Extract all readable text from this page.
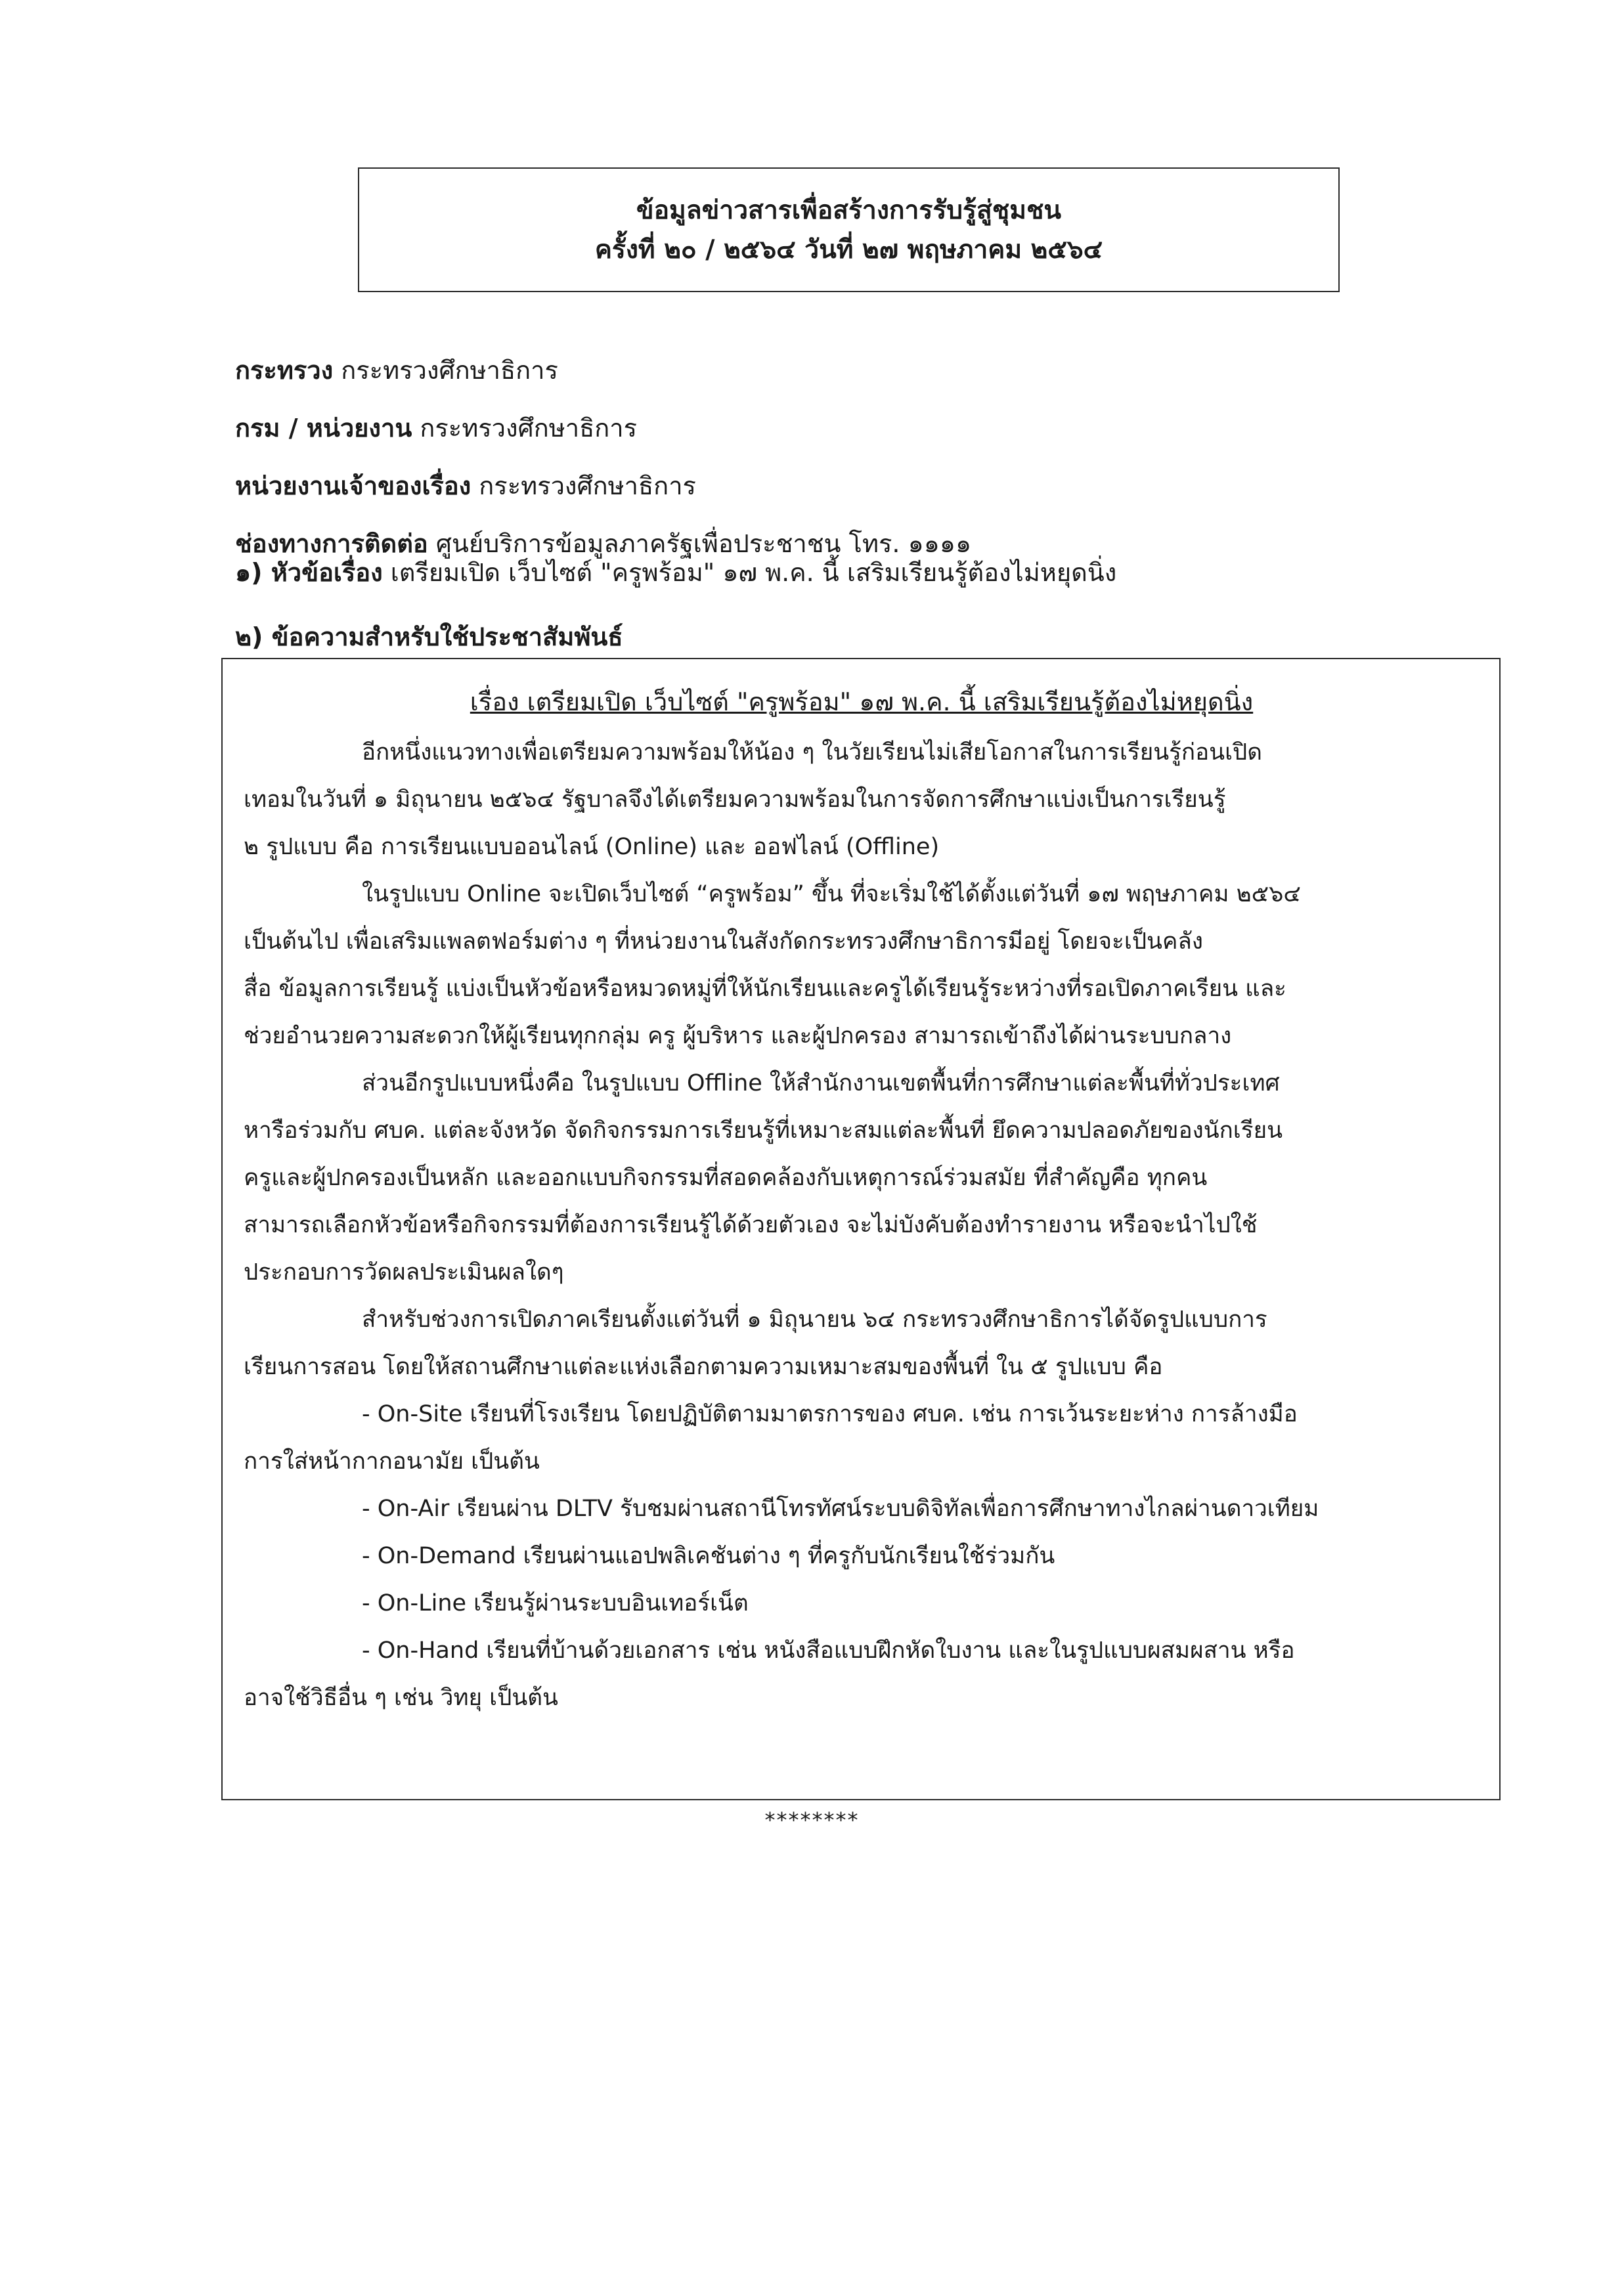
ข้อมูลข่าวสารเพื่อสร้างการรับรู้สู่ชุมชน
ครั้งที่ ๒๐ / ๒๕๖๔ วันที่ ๒๗ พฤษภาคม ๒๕๖๔
กระทรวง กระทรวงศึกษาธิการ
กรม / หน่วยงาน กระทรวงศึกษาธิการ
หน่วยงานเจ้าของเรื่อง กระทรวงศึกษาธิการ
ช่องทางการติดต่อ ศูนย์บริการข้อมูลภาครัฐเพื่อประชาชน โทร. ๑๑๑๑
๑) หัวข้อเรื่อง เตรียมเปิด เว็บไซต์ "ครูพร้อม" ๑๗ พ.ค. นี้ เสริมเรียนรู้ต้องไม่หยุดนิ่ง
๒) ข้อความสำหรับใช้ประชาสัมพันธ์
เรื่อง เตรียมเปิด เว็บไซต์ "ครูพร้อม" ๑๗ พ.ค. นี้ เสริมเรียนรู้ต้องไม่หยุดนิ่ง
อีกหนึ่งแนวทางเพื่อเตรียมความพร้อมให้น้อง ๆ ในวัยเรียนไม่เสียโอกาสในการเรียนรู้ก่อนเปิด
เทอมในวันที่ ๑ มิถุนายน ๒๕๖๔ รัฐบาลจึงได้เตรียมความพร้อมในการจัดการศึกษาแบ่งเป็นการเรียนรู้
๒ รูปแบบ คือ การเรียนแบบออนไลน์ (Online) และ ออฟไลน์ (Offline)
ในรูปแบบ Online จะเปิดเว็บไซต์ “ครูพร้อม” ขึ้น ที่จะเริ่มใช้ได้ตั้งแต่วันที่ ๑๗ พฤษภาคม ๒๕๖๔
เป็นต้นไป เพื่อเสริมแพลตฟอร์มต่าง ๆ ที่หน่วยงานในสังกัดกระทรวงศึกษาธิการมีอยู่ โดยจะเป็นคลัง
สื่อ ข้อมูลการเรียนรู้ แบ่งเป็นหัวข้อหรือหมวดหมู่ที่ให้นักเรียนและครูได้เรียนรู้ระหว่างที่รอเปิดภาคเรียน และ
ช่วยอำนวยความสะดวกให้ผู้เรียนทุกกลุ่ม ครู ผู้บริหาร และผู้ปกครอง สามารถเข้าถึงได้ผ่านระบบกลาง
ส่วนอีกรูปแบบหนึ่งคือ ในรูปแบบ Offline ให้สำนักงานเขตพื้นที่การศึกษาแต่ละพื้นที่ทั่วประเทศ
หารือร่วมกับ ศบค. แต่ละจังหวัด จัดกิจกรรมการเรียนรู้ที่เหมาะสมแต่ละพื้นที่ ยึดความปลอดภัยของนักเรียน
ครูและผู้ปกครองเป็นหลัก และออกแบบกิจกรรมที่สอดคล้องกับเหตุการณ์ร่วมสมัย ที่สำคัญคือ ทุกคน
สามารถเลือกหัวข้อหรือกิจกรรมที่ต้องการเรียนรู้ได้ด้วยตัวเอง จะไม่บังคับต้องทำรายงาน หรือจะนำไปใช้
ประกอบการวัดผลประเมินผลใดๆ
สำหรับช่วงการเปิดภาคเรียนตั้งแต่วันที่ ๑ มิถุนายน ๖๔ กระทรวงศึกษาธิการได้จัดรูปแบบการ
เรียนการสอน โดยให้สถานศึกษาแต่ละแห่งเลือกตามความเหมาะสมของพื้นที่ ใน ๕ รูปแบบ คือ
- On-Site เรียนที่โรงเรียน โดยปฏิบัติตามมาตรการของ ศบค. เช่น การเว้นระยะห่าง การล้างมือ
การใส่หน้ากากอนามัย เป็นต้น
- On-Air เรียนผ่าน DLTV รับชมผ่านสถานีโทรทัศน์ระบบดิจิทัลเพื่อการศึกษาทางไกลผ่านดาวเทียม
- On-Demand เรียนผ่านแอปพลิเคชันต่าง ๆ ที่ครูกับนักเรียนใช้ร่วมกัน
- On-Line เรียนรู้ผ่านระบบอินเทอร์เน็ต
- On-Hand เรียนที่บ้านด้วยเอกสาร เช่น หนังสือแบบฝึกหัดใบงาน และในรูปแบบผสมผสาน หรือ
อาจใช้วิธีอื่น ๆ เช่น วิทยุ เป็นต้น
********
